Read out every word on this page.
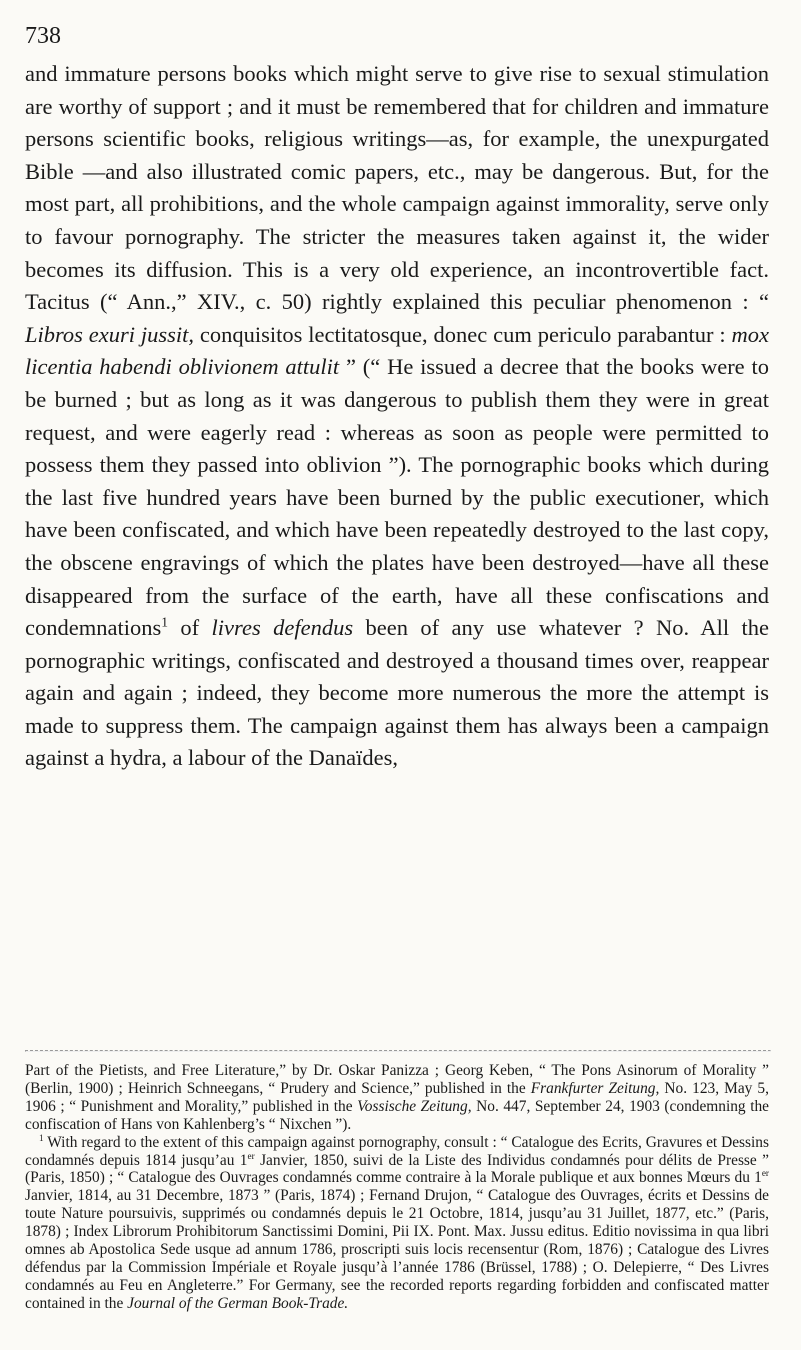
738

and immature persons books which might serve to give rise to sexual stimulation are worthy of support ; and it must be remembered that for children and immature persons scientific books, religious writings—as, for example, the unexpurgated Bible —and also illustrated comic papers, etc., may be dangerous. But, for the most part, all prohibitions, and the whole campaign against immorality, serve only to favour pornography. The stricter the measures taken against it, the wider becomes its diffusion. This is a very old experience, an incontrovertible fact. Tacitus (“ Ann.,” XIV., c. 50) rightly explained this peculiar phenomenon : “ Libros exuri jussit, conquisitos lectitatosque, donec cum periculo parabantur : mox licentia habendi oblivionem attulit ” (“ He issued a decree that the books were to be burned ; but as long as it was dangerous to publish them they were in great request, and were eagerly read : whereas as soon as people were permitted to possess them they passed into oblivion ”). The pornographic books which during the last five hundred years have been burned by the public executioner, which have been confiscated, and which have been repeatedly destroyed to the last copy, the obscene engravings of which the plates have been destroyed—have all these disappeared from the surface of the earth, have all these confiscations and condemnations$^1$ of livres defendus been of any use whatever ? No. All the pornographic writings, confiscated and destroyed a thousand times over, reappear again and again ; indeed, they become more numerous the more the attempt is made to suppress them. The campaign against them has always been a campaign against a hydra, a labour of the Danaïdes,

Part of the Pietists, and Free Literature,” by Dr. Oskar Panizza ; Georg Keben, “ The Pons Asinorum of Morality ” (Berlin, 1900) ; Heinrich Schneegans, “ Prudery and Science,” published in the Frankfurter Zeitung, No. 123, May 5, 1906 ; “ Punishment and Morality,” published in the Vossische Zeitung, No. 447, September 24, 1903 (condemning the confiscation of Hans von Kahlenberg’s “ Nixchen ”).

$^1$ With regard to the extent of this campaign against pornography, consult : “ Catalogue des Ecrits, Gravures et Dessins condamnés depuis 1814 jusqu’au 1er Janvier, 1850, suivi de la Liste des Individus condamnés pour délits de Presse ” (Paris, 1850) ; “ Catalogue des Ouvrages condamnés comme contraire à la Morale publique et aux bonnes Mœurs du 1er Janvier, 1814, au 31 Decembre, 1873 ” (Paris, 1874) ; Fernand Drujon, “ Catalogue des Ouvrages, écrits et Dessins de toute Nature poursuivis, supprimés ou condamnés depuis le 21 Octobre, 1814, jusqu’au 31 Juillet, 1877, etc.” (Paris, 1878) ; Index Librorum Prohibitorum Sanctissimi Domini, Pii IX. Pont. Max. Jussu editus. Editio novissima in qua libri omnes ab Apostolica Sede usque ad annum 1786, proscripti suis locis recensentur (Rom, 1876) ; Catalogue des Livres défendus par la Commission Impériale et Royale jusqu’à l’année 1786 (Brüssel, 1788) ; O. Delepierre, “ Des Livres condamnés au Feu en Angleterre.” For Germany, see the recorded reports regarding forbidden and confiscated matter contained in the Journal of the German Book-Trade.
